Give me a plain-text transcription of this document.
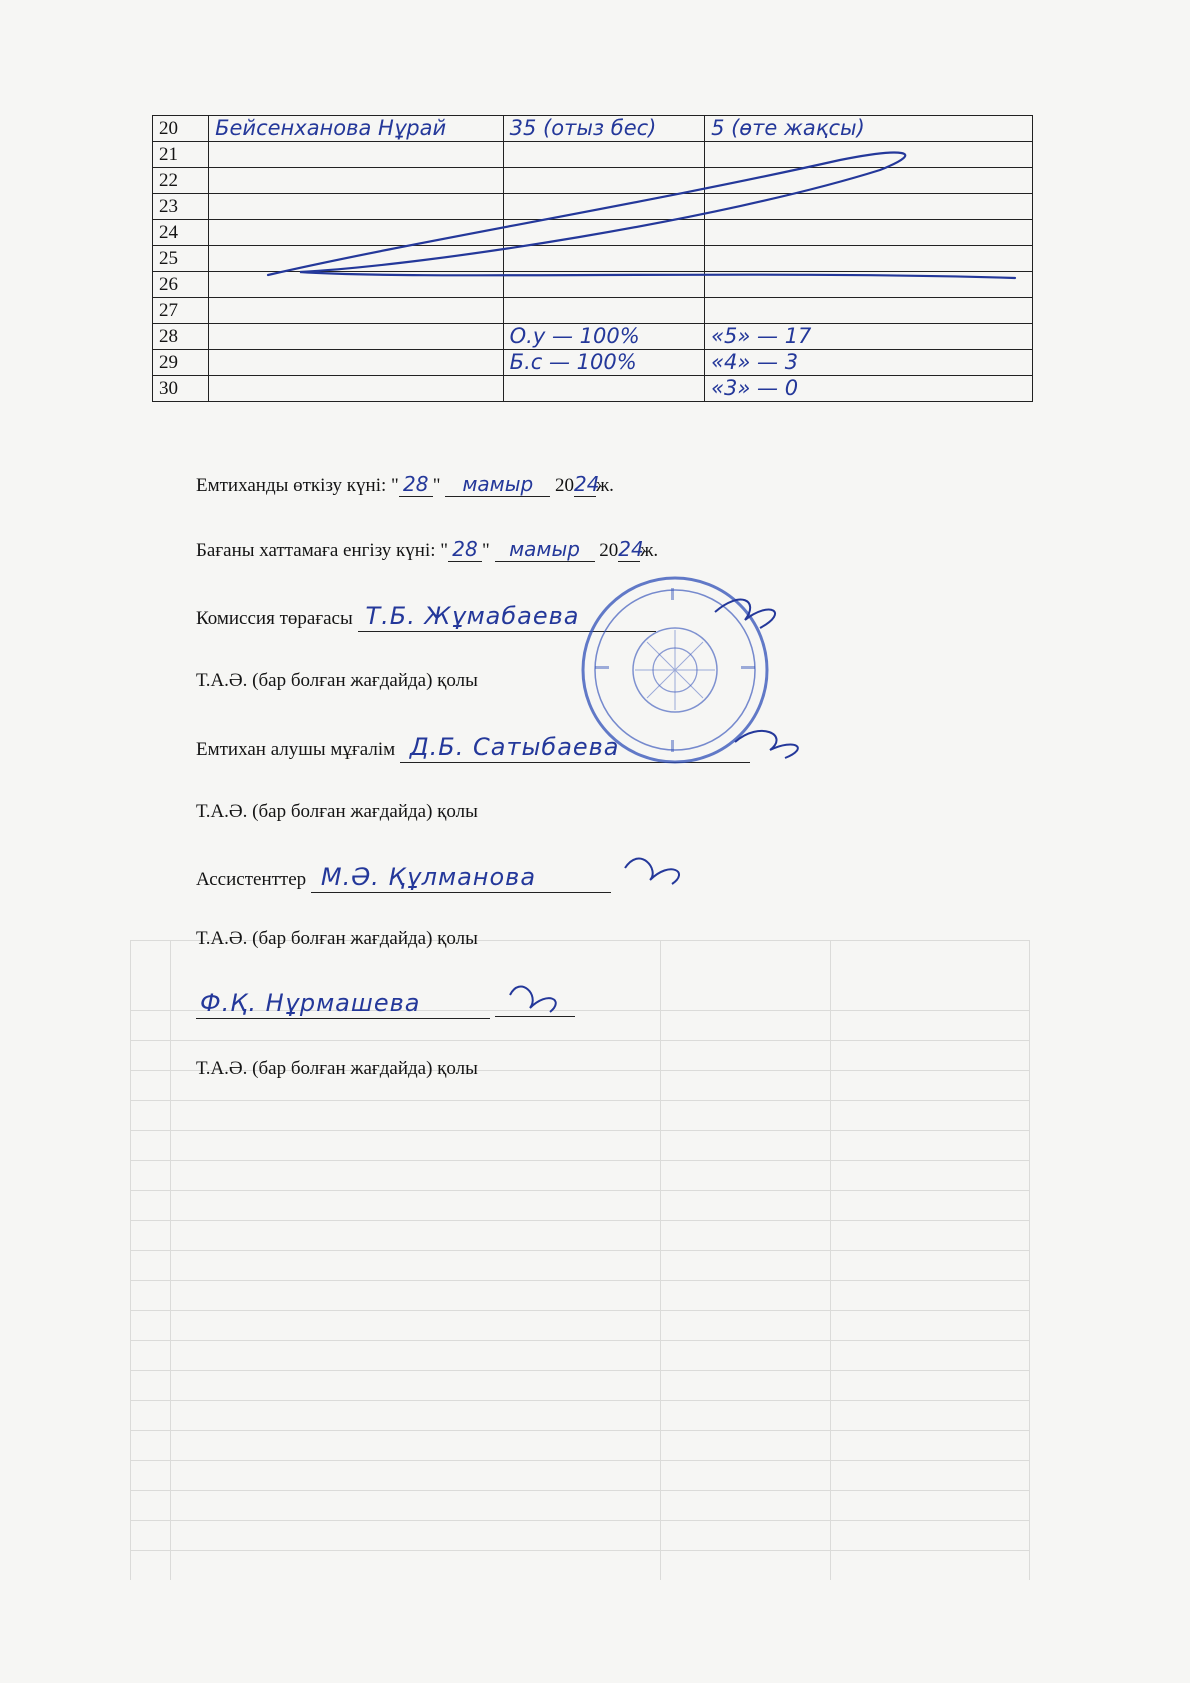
20	Бейсенханова Нұрай	35 (отыз бес)	5 (өте жақсы)
21			
22			
23			
24			
25			
26			
27			
28		О.у — 100%	«5» — 17
29		Б.с — 100%	«4» — 3
30			«3» — 0
Емтиханды өткізу күні: " 28 " мамыр 2024ж.
Бағаны хаттамаға енгізу күні: " 28 " мамыр 2024ж.
Комиссия төрағасы Т.Б. Жұмабаева
Т.А.Ә. (бар болған жағдайда) қолы
Емтихан алушы мұғалім Д.Б. Сатыбаева
Т.А.Ә. (бар болған жағдайда) қолы
Ассистенттер М.Ә. Құлманова
Т.А.Ә. (бар болған жағдайда) қолы
Ф.Қ. Нұрмашева
Т.А.Ә. (бар болған жағдайда) қолы
